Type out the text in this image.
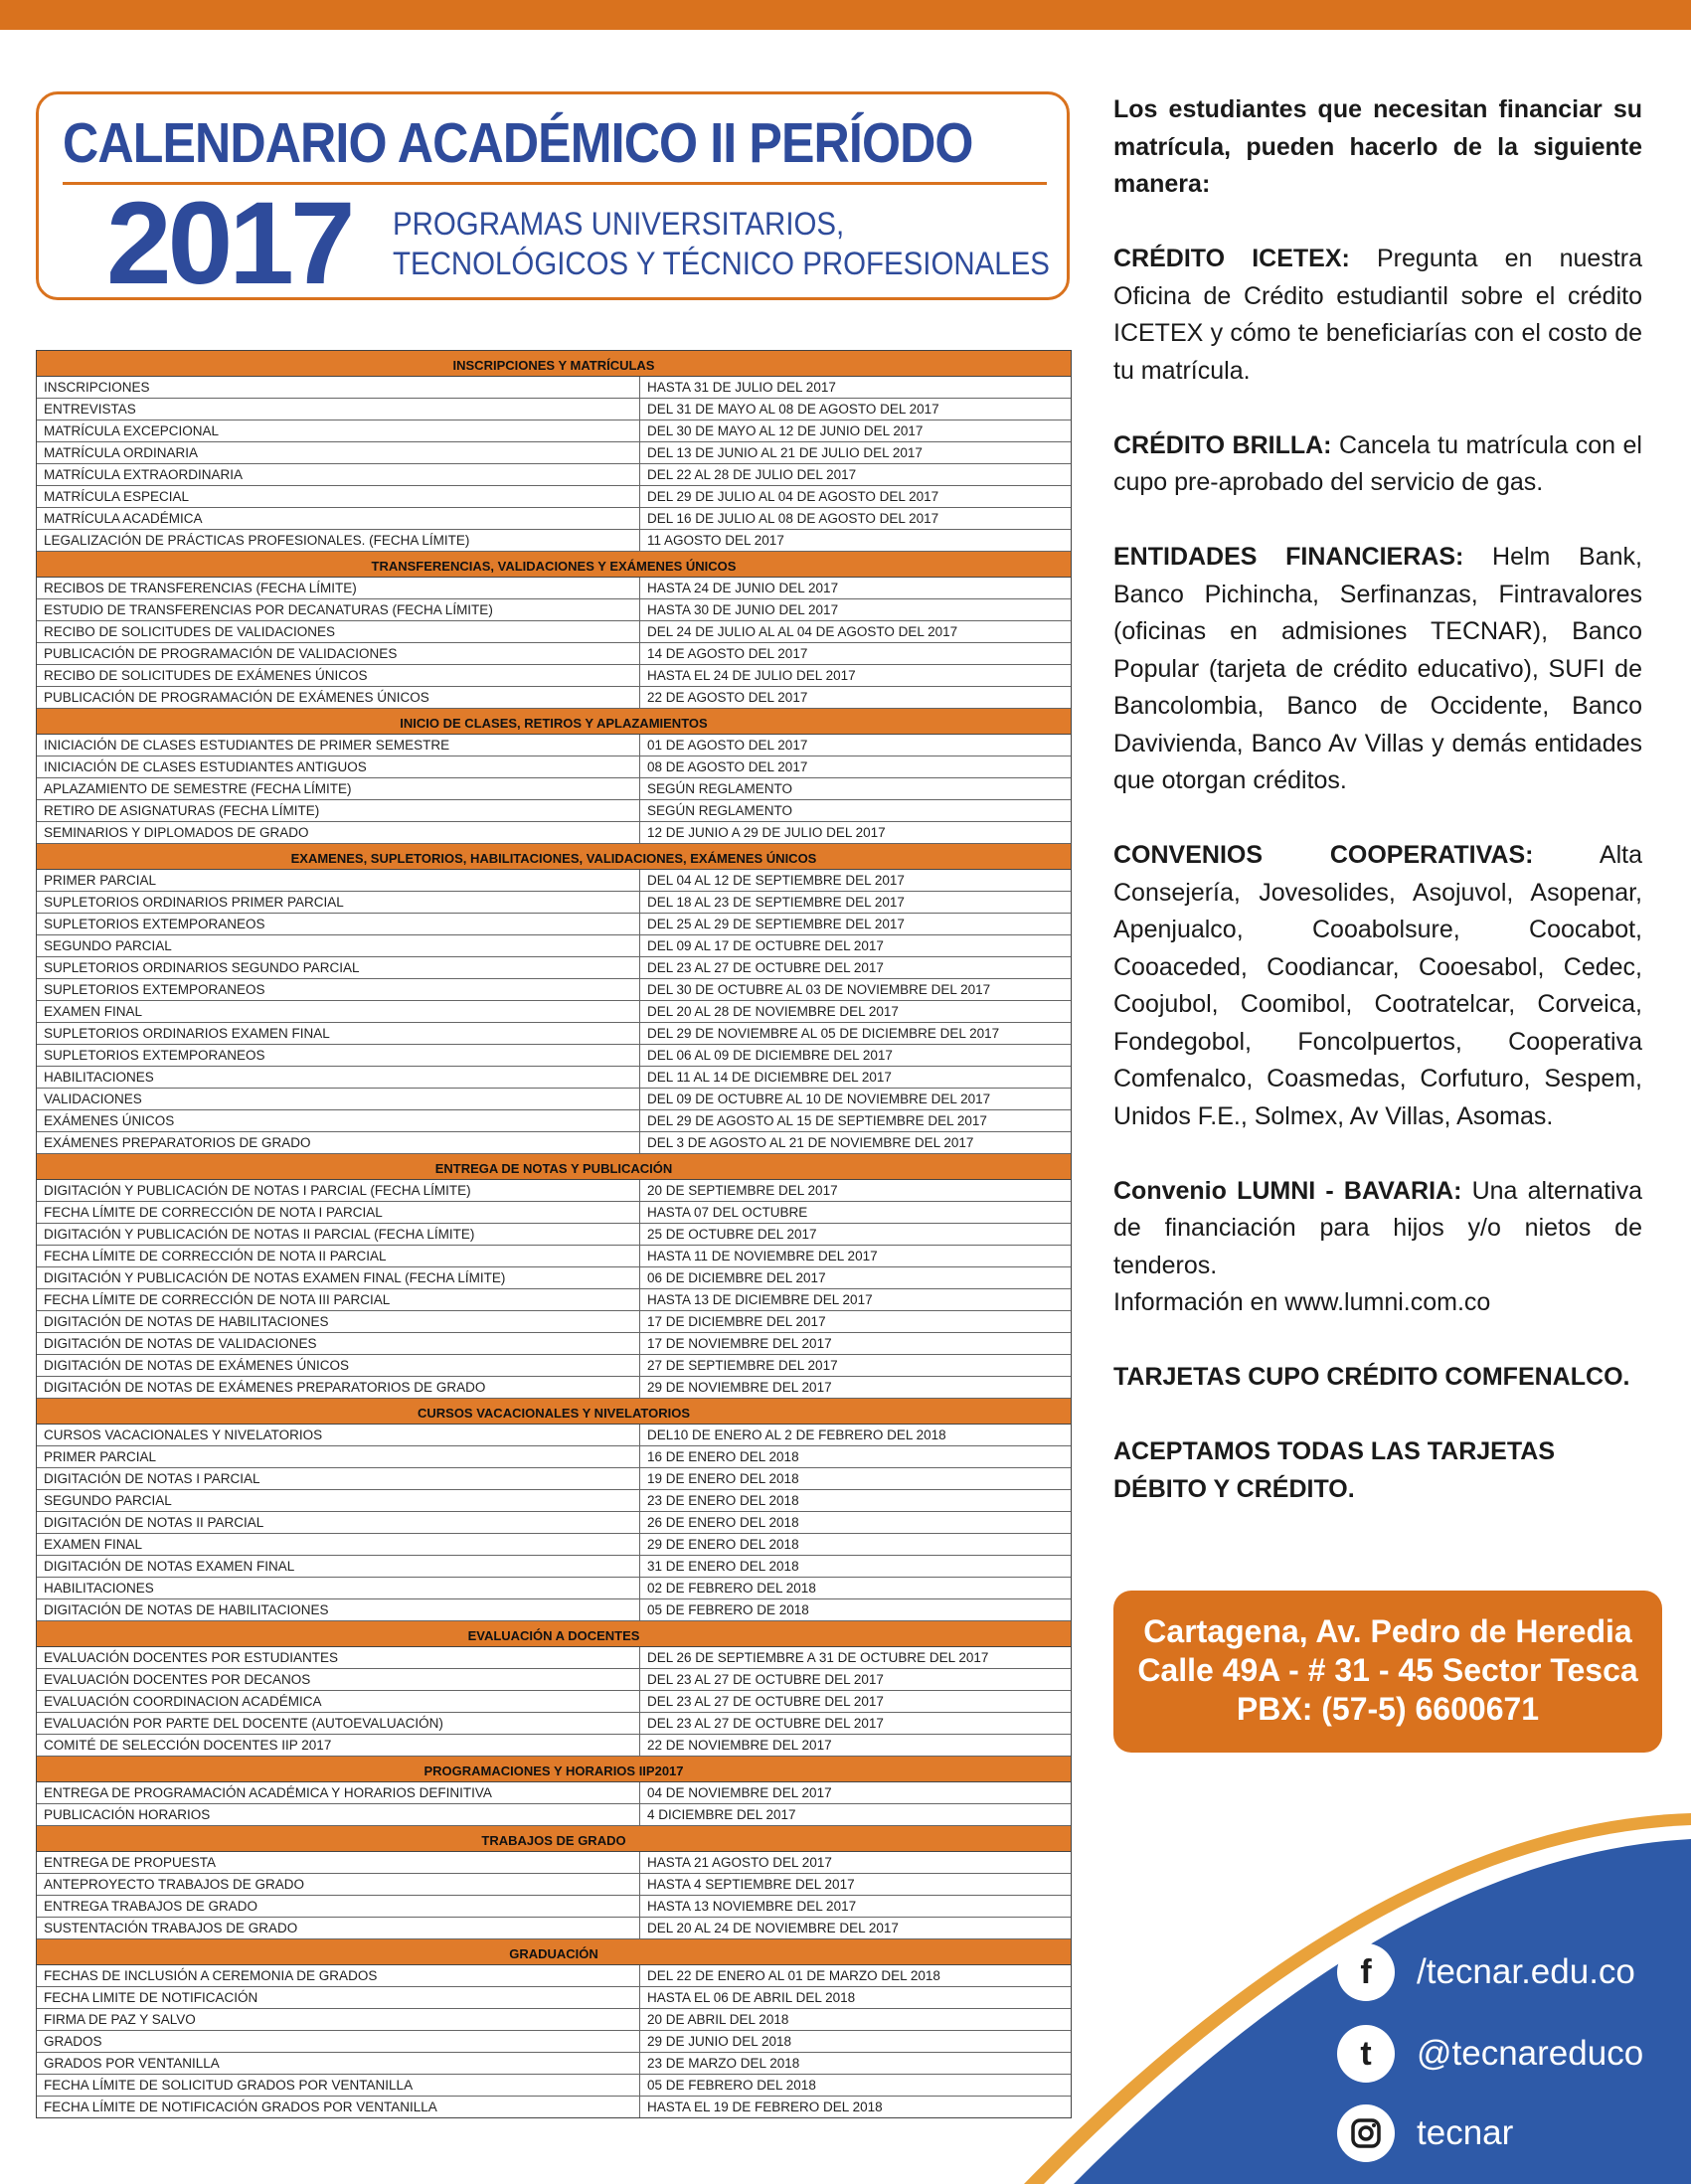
CALENDARIO ACADÉMICO II PERÍODO
2017 PROGRAMAS UNIVERSITARIOS,
TECNOLÓGICOS Y TÉCNICO PROFESIONALES
INSCRIPCIONES Y MATRÍCULAS
INSCRIPCIONES	HASTA 31 DE JULIO DEL 2017
ENTREVISTAS	DEL 31 DE MAYO AL 08 DE AGOSTO DEL 2017
MATRÍCULA EXCEPCIONAL	DEL 30 DE MAYO AL 12 DE JUNIO DEL 2017
MATRÍCULA ORDINARIA	DEL 13 DE JUNIO AL 21 DE JULIO DEL 2017
MATRÍCULA EXTRAORDINARIA	DEL 22 AL 28 DE JULIO DEL 2017
MATRÍCULA ESPECIAL	DEL 29 DE JULIO AL 04 DE AGOSTO DEL 2017
MATRÍCULA ACADÉMICA	DEL 16 DE JULIO AL 08 DE AGOSTO DEL 2017
LEGALIZACIÓN DE PRÁCTICAS PROFESIONALES. (FECHA LÍMITE)	11 AGOSTO DEL 2017
TRANSFERENCIAS, VALIDACIONES Y EXÁMENES ÚNICOS
RECIBOS DE TRANSFERENCIAS (FECHA LÍMITE)	HASTA 24 DE JUNIO DEL 2017
ESTUDIO DE TRANSFERENCIAS POR DECANATURAS (FECHA LÍMITE)	HASTA 30 DE JUNIO DEL 2017
RECIBO DE SOLICITUDES DE VALIDACIONES	DEL 24 DE JULIO AL AL 04 DE AGOSTO DEL 2017
PUBLICACIÓN DE PROGRAMACIÓN DE VALIDACIONES	14 DE AGOSTO DEL 2017
RECIBO DE SOLICITUDES DE EXÁMENES ÚNICOS	HASTA EL 24 DE JULIO DEL 2017
PUBLICACIÓN DE PROGRAMACIÓN DE EXÁMENES ÚNICOS	22 DE AGOSTO DEL 2017
INICIO DE CLASES, RETIROS Y APLAZAMIENTOS
INICIACIÓN DE CLASES ESTUDIANTES DE PRIMER SEMESTRE	01 DE AGOSTO DEL 2017
INICIACIÓN DE CLASES ESTUDIANTES ANTIGUOS	08 DE AGOSTO DEL 2017
APLAZAMIENTO DE SEMESTRE (FECHA LÍMITE)	SEGÚN REGLAMENTO
RETIRO DE ASIGNATURAS (FECHA LÍMITE)	SEGÚN REGLAMENTO
SEMINARIOS Y DIPLOMADOS DE GRADO	12 DE JUNIO A 29 DE JULIO DEL 2017
EXAMENES, SUPLETORIOS, HABILITACIONES, VALIDACIONES, EXÁMENES ÚNICOS
PRIMER PARCIAL	DEL 04 AL 12 DE SEPTIEMBRE DEL 2017
SUPLETORIOS ORDINARIOS PRIMER PARCIAL	DEL 18 AL 23 DE SEPTIEMBRE DEL 2017
SUPLETORIOS EXTEMPORANEOS	DEL 25 AL 29 DE SEPTIEMBRE DEL 2017
SEGUNDO PARCIAL	DEL 09 AL 17 DE OCTUBRE DEL 2017
SUPLETORIOS ORDINARIOS SEGUNDO PARCIAL	DEL 23 AL 27 DE OCTUBRE DEL 2017
SUPLETORIOS EXTEMPORANEOS	DEL 30 DE OCTUBRE AL 03 DE NOVIEMBRE DEL 2017
EXAMEN FINAL	DEL 20 AL 28 DE NOVIEMBRE DEL 2017
SUPLETORIOS ORDINARIOS EXAMEN FINAL	DEL 29 DE NOVIEMBRE AL 05 DE DICIEMBRE DEL 2017
SUPLETORIOS EXTEMPORANEOS	DEL 06 AL 09 DE DICIEMBRE DEL 2017
HABILITACIONES	DEL 11 AL 14 DE DICIEMBRE DEL 2017
VALIDACIONES	DEL 09 DE OCTUBRE AL 10 DE NOVIEMBRE DEL 2017
EXÁMENES ÚNICOS	DEL 29 DE AGOSTO AL 15 DE SEPTIEMBRE DEL 2017
EXÁMENES PREPARATORIOS DE GRADO	DEL 3 DE AGOSTO AL 21 DE NOVIEMBRE DEL 2017
ENTREGA DE NOTAS Y PUBLICACIÓN
DIGITACIÓN Y PUBLICACIÓN DE NOTAS I PARCIAL (FECHA LÍMITE)	20 DE SEPTIEMBRE DEL 2017
FECHA LÍMITE DE CORRECCIÓN DE NOTA I PARCIAL	HASTA 07 DEL OCTUBRE
DIGITACIÓN Y PUBLICACIÓN DE NOTAS II PARCIAL (FECHA LÍMITE)	25 DE OCTUBRE DEL 2017
FECHA LÍMITE DE CORRECCIÓN DE NOTA II PARCIAL	HASTA 11 DE NOVIEMBRE DEL 2017
DIGITACIÓN Y PUBLICACIÓN DE NOTAS EXAMEN FINAL (FECHA LÍMITE)	06 DE DICIEMBRE DEL 2017
FECHA LÍMITE DE CORRECCIÓN DE NOTA III PARCIAL	HASTA 13 DE DICIEMBRE DEL 2017
DIGITACIÓN DE NOTAS DE HABILITACIONES	17 DE DICIEMBRE DEL 2017
DIGITACIÓN DE NOTAS DE VALIDACIONES	17 DE NOVIEMBRE DEL 2017
DIGITACIÓN DE NOTAS DE EXÁMENES ÚNICOS	27 DE SEPTIEMBRE DEL 2017
DIGITACIÓN DE NOTAS DE EXÁMENES PREPARATORIOS DE GRADO	29 DE NOVIEMBRE DEL 2017
CURSOS VACACIONALES Y NIVELATORIOS
CURSOS VACACIONALES Y NIVELATORIOS	DEL10 DE ENERO AL 2 DE FEBRERO DEL 2018
PRIMER PARCIAL	16 DE ENERO DEL 2018
DIGITACIÓN DE NOTAS I PARCIAL	19 DE ENERO DEL 2018
SEGUNDO PARCIAL	23 DE ENERO DEL 2018
DIGITACIÓN DE NOTAS II PARCIAL	26 DE ENERO DEL 2018
EXAMEN FINAL	29 DE ENERO DEL 2018
DIGITACIÓN DE NOTAS EXAMEN FINAL	31 DE ENERO DEL 2018
HABILITACIONES	02 DE FEBRERO DEL 2018
DIGITACIÓN DE NOTAS DE HABILITACIONES	05 DE FEBRERO DE 2018
EVALUACIÓN A DOCENTES
EVALUACIÓN DOCENTES POR ESTUDIANTES	DEL 26 DE SEPTIEMBRE A 31 DE OCTUBRE DEL 2017
EVALUACIÓN DOCENTES POR DECANOS	DEL 23 AL 27 DE OCTUBRE DEL 2017
EVALUACIÓN COORDINACION ACADÉMICA	DEL 23 AL 27 DE OCTUBRE DEL 2017
EVALUACIÓN POR PARTE DEL DOCENTE (AUTOEVALUACIÓN)	DEL 23 AL 27 DE OCTUBRE DEL 2017
COMITÉ DE SELECCIÓN DOCENTES IIP 2017	22 DE NOVIEMBRE DEL 2017
PROGRAMACIONES Y HORARIOS IIP2017
ENTREGA DE PROGRAMACIÓN ACADÉMICA Y HORARIOS DEFINITIVA	04 DE NOVIEMBRE DEL 2017
PUBLICACIÓN HORARIOS	4 DICIEMBRE DEL 2017
TRABAJOS DE GRADO
ENTREGA DE PROPUESTA	HASTA 21 AGOSTO DEL 2017
ANTEPROYECTO TRABAJOS DE GRADO	HASTA 4 SEPTIEMBRE DEL 2017
ENTREGA TRABAJOS DE GRADO	HASTA 13 NOVIEMBRE DEL 2017
SUSTENTACIÓN TRABAJOS DE GRADO	DEL 20 AL 24 DE NOVIEMBRE DEL 2017
GRADUACIÓN
FECHAS DE INCLUSIÓN A CEREMONIA DE GRADOS	DEL 22 DE ENERO AL 01 DE MARZO DEL 2018
FECHA LIMITE DE NOTIFICACIÓN	HASTA EL 06 DE ABRIL DEL 2018
FIRMA DE PAZ Y SALVO	20 DE ABRIL DEL 2018
GRADOS	29 DE JUNIO DEL 2018
GRADOS POR VENTANILLA	23 DE MARZO DEL 2018
FECHA LÍMITE DE SOLICITUD GRADOS POR VENTANILLA	05 DE FEBRERO DEL 2018
FECHA LÍMITE DE NOTIFICACIÓN GRADOS POR VENTANILLA	HASTA EL 19 DE FEBRERO DEL 2018

Los estudiantes que necesitan financiar su matrícula, pueden hacerlo de la siguiente manera:

CRÉDITO ICETEX: Pregunta en nuestra Oficina de Crédito estudiantil sobre el crédito ICETEX y cómo te beneficiarías con el costo de tu matrícula.

CRÉDITO BRILLA: Cancela tu matrícula con el cupo pre-aprobado del servicio de gas.

ENTIDADES FINANCIERAS: Helm Bank, Banco Pichincha, Serfinanzas, Fintravalores (oficinas en admisiones TECNAR), Banco Popular (tarjeta de crédito educativo), SUFI de Bancolombia, Banco de Occidente, Banco Davivienda, Banco Av Villas y demás entidades que otorgan créditos.

CONVENIOS COOPERATIVAS: Alta Consejería, Jovesolides, Asojuvol, Asopenar, Apenjualco, Cooabolsure, Coocabot, Cooaceded, Coodiancar, Cooesabol, Cedec, Coojubol, Coomibol, Cootratelcar, Corveica, Fondegobol, Foncolpuertos, Cooperativa Comfenalco, Coasmedas, Corfuturo, Sespem, Unidos F.E., Solmex, Av Villas, Asomas.

Convenio LUMNI - BAVARIA: Una alternativa de financiación para hijos y/o nietos de tenderos.

Información en www.lumni.com.co

TARJETAS CUPO CRÉDITO COMFENALCO.

ACEPTAMOS TODAS LAS TARJETAS DÉBITO Y CRÉDITO.

Cartagena, Av. Pedro de Heredia
Calle 49A - # 31 - 45 Sector Tesca
PBX: (57-5) 6600671
f	/tecnar.edu.co
t	@tecnareduco
tecnar
